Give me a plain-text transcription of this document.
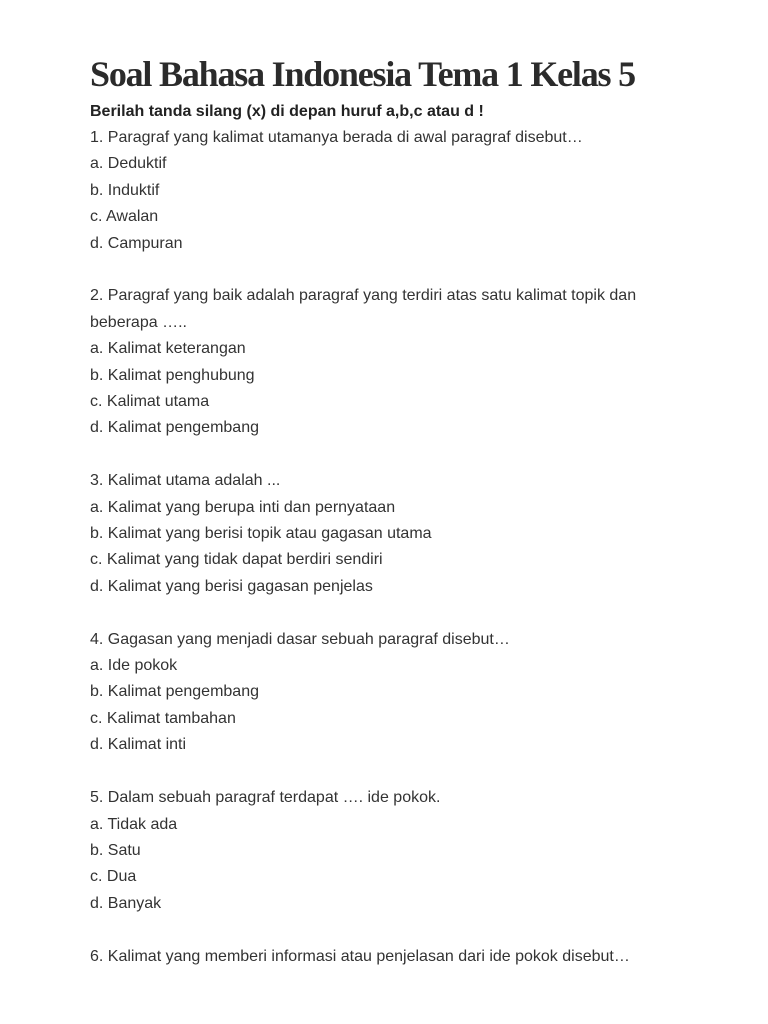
Soal Bahasa Indonesia Tema 1 Kelas 5
Berilah tanda silang (x) di depan huruf a,b,c atau d !
1. Paragraf yang kalimat utamanya berada di awal paragraf disebut…
a. Deduktif
b. Induktif
c. Awalan
d. Campuran
2. Paragraf yang baik adalah paragraf yang terdiri atas satu kalimat topik dan beberapa …..
a. Kalimat keterangan
b. Kalimat penghubung
c. Kalimat utama
d. Kalimat pengembang
3. Kalimat utama adalah ...
a. Kalimat yang berupa inti dan pernyataan
b. Kalimat yang berisi topik atau gagasan utama
c. Kalimat yang tidak dapat berdiri sendiri
d. Kalimat yang berisi gagasan penjelas
4. Gagasan yang menjadi dasar sebuah paragraf disebut…
a. Ide pokok
b. Kalimat pengembang
c. Kalimat tambahan
d. Kalimat inti
5. Dalam sebuah paragraf terdapat …. ide pokok.
a. Tidak ada
b. Satu
c. Dua
d. Banyak
6. Kalimat yang memberi informasi atau penjelasan dari ide pokok disebut…
